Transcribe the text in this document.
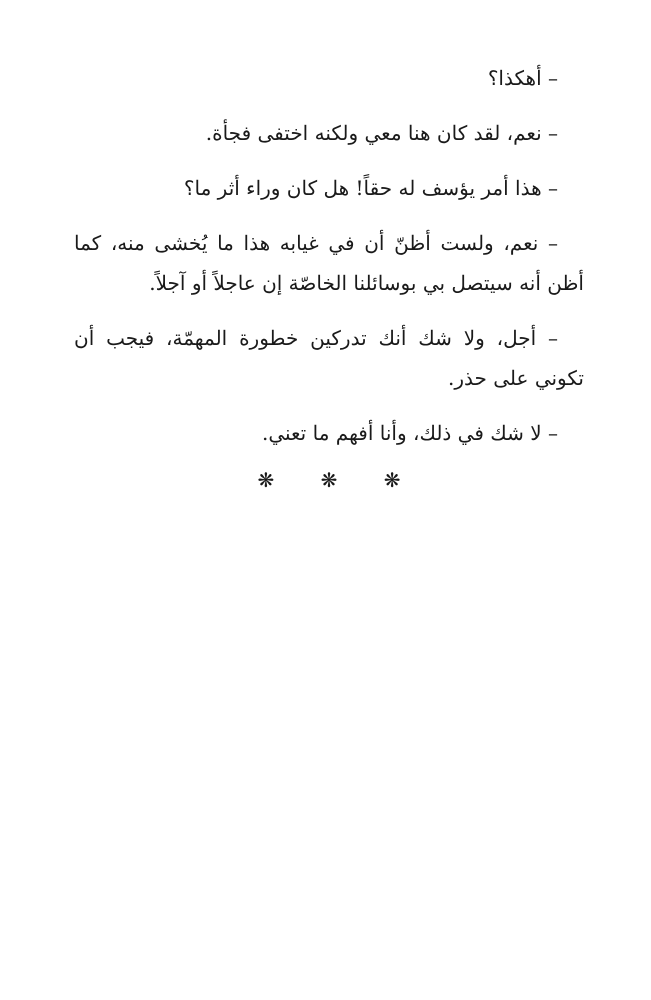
– أهكذا؟

– نعم، لقد كان هنا معي ولكنه اختفى فجأة.

– هذا أمر يؤسف له حقاً! هل كان وراء أثر ما؟

– نعم، ولست أظنّ أن في غيابه هذا ما يُخشى منه، كما أظن أنه سيتصل بي بوسائلنا الخاصّة إن عاجلاً أو آجلاً.

– أجل، ولا شك أنك تدركين خطورة المهمّة، فيجب أن تكوني على حذر.

– لا شك في ذلك، وأنا أفهم ما تعني.

❋ ❋ ❋
